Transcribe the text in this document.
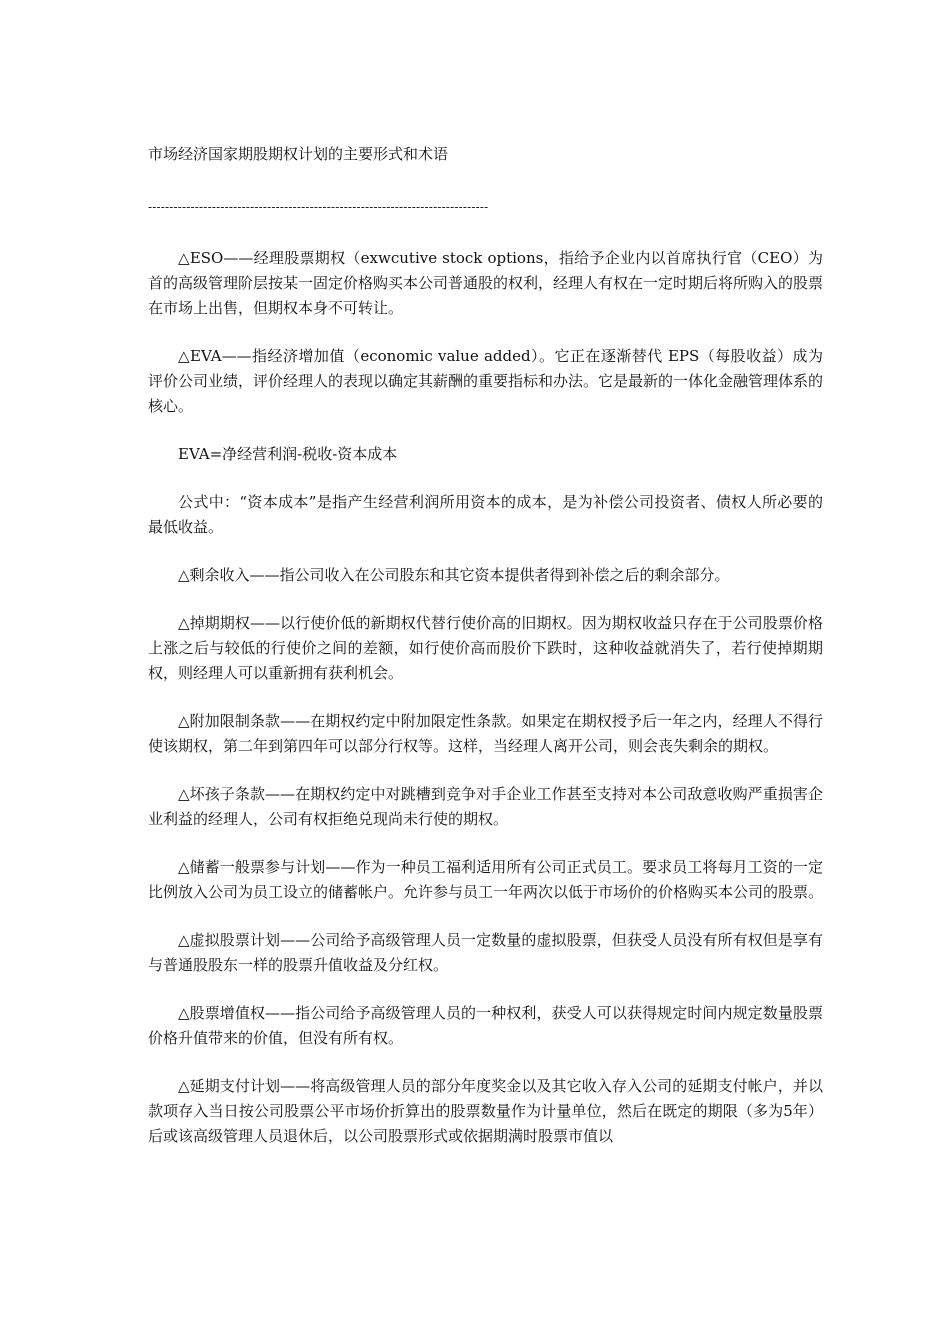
市场经济国家期股期权计划的主要形式和术语
--------------------------------------------------------------------------------

△ESO——经理股票期权（exwcutive stock options，指给予企业内以首席执行官（CEO）为首的高级管理阶层按某一固定价格购买本公司普通股的权利，经理人有权在一定时期后将所购入的股票在市场上出售，但期权本身不可转让。

△EVA——指经济增加值（economic value added）。它正在逐渐替代 EPS（每股收益）成为评价公司业绩，评价经理人的表现以确定其薪酬的重要指标和办法。它是最新的一体化金融管理体系的核心。

EVA=净经营利润-税收-资本成本

公式中：“资本成本”是指产生经营利润所用资本的成本，是为补偿公司投资者、债权人所必要的最低收益。

△剩余收入——指公司收入在公司股东和其它资本提供者得到补偿之后的剩余部分。

△掉期期权——以行使价低的新期权代替行使价高的旧期权。因为期权收益只存在于公司股票价格上涨之后与较低的行使价之间的差额，如行使价高而股价下跌时，这种收益就消失了，若行使掉期期权，则经理人可以重新拥有获利机会。

△附加限制条款——在期权约定中附加限定性条款。如果定在期权授予后一年之内，经理人不得行使该期权，第二年到第四年可以部分行权等。这样，当经理人离开公司，则会丧失剩余的期权。

△坏孩子条款——在期权约定中对跳槽到竞争对手企业工作甚至支持对本公司敌意收购严重损害企业利益的经理人，公司有权拒绝兑现尚未行使的期权。

△储蓄一般票参与计划——作为一种员工福利适用所有公司正式员工。要求员工将每月工资的一定比例放入公司为员工设立的储蓄帐户。允许参与员工一年两次以低于市场价的价格购买本公司的股票。

△虚拟股票计划——公司给予高级管理人员一定数量的虚拟股票，但获受人员没有所有权但是享有与普通股股东一样的股票升值收益及分红权。

△股票增值权——指公司给予高级管理人员的一种权利，获受人可以获得规定时间内规定数量股票价格升值带来的价值，但没有所有权。

△延期支付计划——将高级管理人员的部分年度奖金以及其它收入存入公司的延期支付帐户，并以款项存入当日按公司股票公平市场价折算出的股票数量作为计量单位，然后在既定的期限（多为5年）后或该高级管理人员退休后，以公司股票形式或依据期满时股票市值以
